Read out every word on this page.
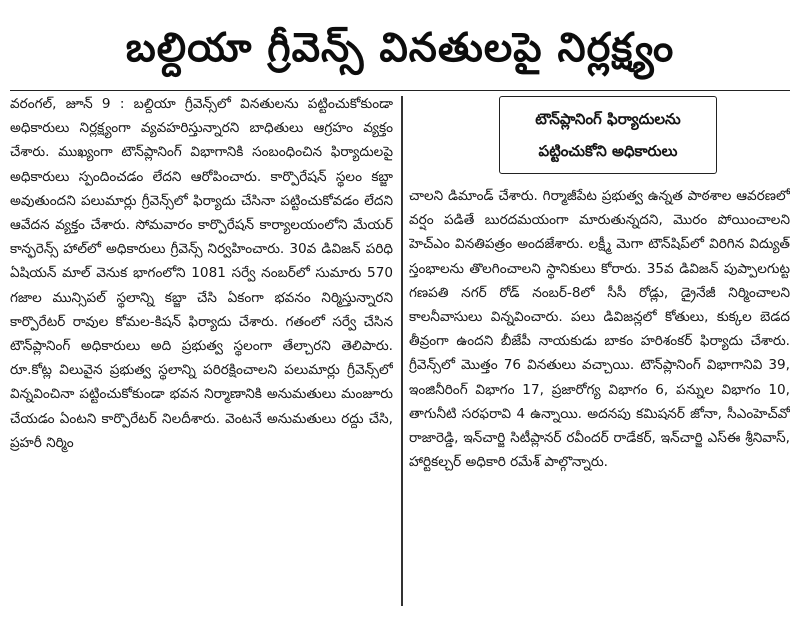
బల్దియా గ్రీవెన్స్ వినతులపై నిర్లక్ష్యం

వరంగల్, జూన్ 9 : బల్దియా గ్రీవెన్స్‌లో వినతులను పట్టించుకోకుండా అధికారులు నిర్లక్ష్యంగా వ్యవహరిస్తున్నారని బాధితులు ఆగ్రహం వ్యక్తం చేశారు. ముఖ్యంగా టౌన్‌ప్లానింగ్ విభాగానికి సంబంధించిన ఫిర్యాదులపై అధికారులు స్పందించడం లేదని ఆరోపించారు. కార్పొరేషన్ స్థలం కబ్జా అవుతుందని పలుమార్లు గ్రీవెన్స్‌లో ఫిర్యాదు చేసినా పట్టించుకోవడం లేదని ఆవేదన వ్యక్తం చేశారు. సోమవారం కార్పొరేషన్ కార్యాలయంలోని మేయర్ కాన్ఫరెన్స్ హాల్‌లో అధికారులు గ్రీవెన్స్ నిర్వహించారు. 30వ డివిజన్ పరిధి ఏషియన్ మాల్ వెనుక భాగంలోని 1081 సర్వే నంబర్‌లో సుమారు 570 గజాల మున్సిపల్ స్థలాన్ని కబ్జా చేసి ఏకంగా భవనం నిర్మిస్తున్నారని కార్పొరేటర్ రావుల కోమల-కిషన్ ఫిర్యాదు చేశారు. గతంలో సర్వే చేసిన టౌన్‌ప్లానింగ్ అధికారులు అది ప్రభుత్వ స్థలంగా తేల్చారని తెలిపారు. రూ.కోట్ల విలువైన ప్రభుత్వ స్థలాన్ని పరిరక్షించాలని పలుమార్లు గ్రీవెన్స్‌లో విన్నవించినా పట్టించుకోకుండా భవన నిర్మాణానికి అనుమతులు మంజూరు చేయడం ఏంటని కార్పొరేటర్ నిలదీశారు. వెంటనే అనుమతులు రద్దు చేసి, ప్రహరీ నిర్మిం

టౌన్‌ప్లానింగ్ ఫిర్యాదులను
పట్టించుకోని అధికారులు

చాలని డిమాండ్ చేశారు. గిర్మాజీపేట ప్రభుత్వ ఉన్నత పాఠశాల ఆవరణలో వర్షం పడితే బురదమయంగా మారుతున్నదని, మొరం పోయించాలని హెచ్‌ఎం వినతిపత్రం అందజేశారు. లక్ష్మీ మెగా టౌన్‌షిప్‌లో విరిగిన విద్యుత్ స్తంభాలను తొలగించాలని స్థానికులు కోరారు. 35వ డివిజన్ పుప్పాలగుట్ట గణపతి నగర్ రోడ్ నంబర్-8లో సీసీ రోడ్లు, డ్రైనేజీ నిర్మించాలని కాలనీవాసులు విన్నవించారు. పలు డివిజన్లలో కోతులు, కుక్కల బెడద తీవ్రంగా ఉందని బీజేపీ నాయకుడు బాకం హరిశంకర్ ఫిర్యాదు చేశారు. గ్రీవెన్స్‌లో మొత్తం 76 వినతులు వచ్చాయి. టౌన్‌ప్లానింగ్ విభాగానివి 39, ఇంజినీరింగ్ విభాగం 17, ప్రజారోగ్య విభాగం 6, పన్నుల విభాగం 10, తాగునీటి సరఫరావి 4 ఉన్నాయి. అదనపు కమిషనర్ జోనా, సీఎంహెచ్‌వో రాజారెడ్డి, ఇన్‌చార్జి సిటీప్లానర్ రవీందర్ రాడేకర్, ఇన్‌చార్జి ఎస్ఈ శ్రీనివాస్, హార్టికల్చర్ అధికారి రమేశ్ పాల్గొన్నారు.
